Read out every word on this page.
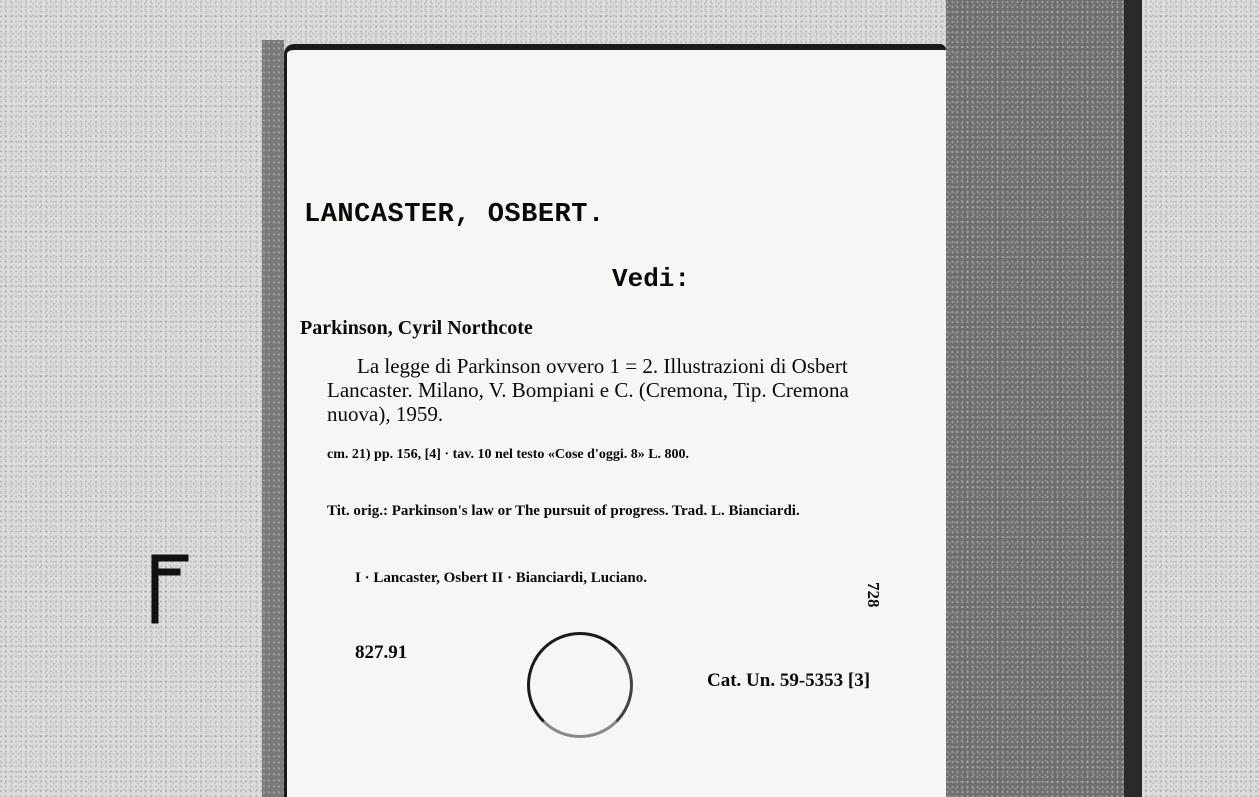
LANCASTER, OSBERT.
Vedi:
Parkinson, Cyril Northcote
La legge di Parkinson ovvero 1 = 2. Illustrazioni di Osbert Lancaster. Milano, V. Bompiani e C. (Cremona, Tip. Cremona nuova), 1959.
cm. 21) pp. 156, [4] · tav. 10 nel testo «Cose d'oggi. 8» L. 800.
Tit. orig.: Parkinson's law or The pursuit of progress. Trad. L. Bianciardi.
I · Lancaster, Osbert II · Bianciardi, Luciano.
728
827.91
Cat. Un. 59-5353 [3]
